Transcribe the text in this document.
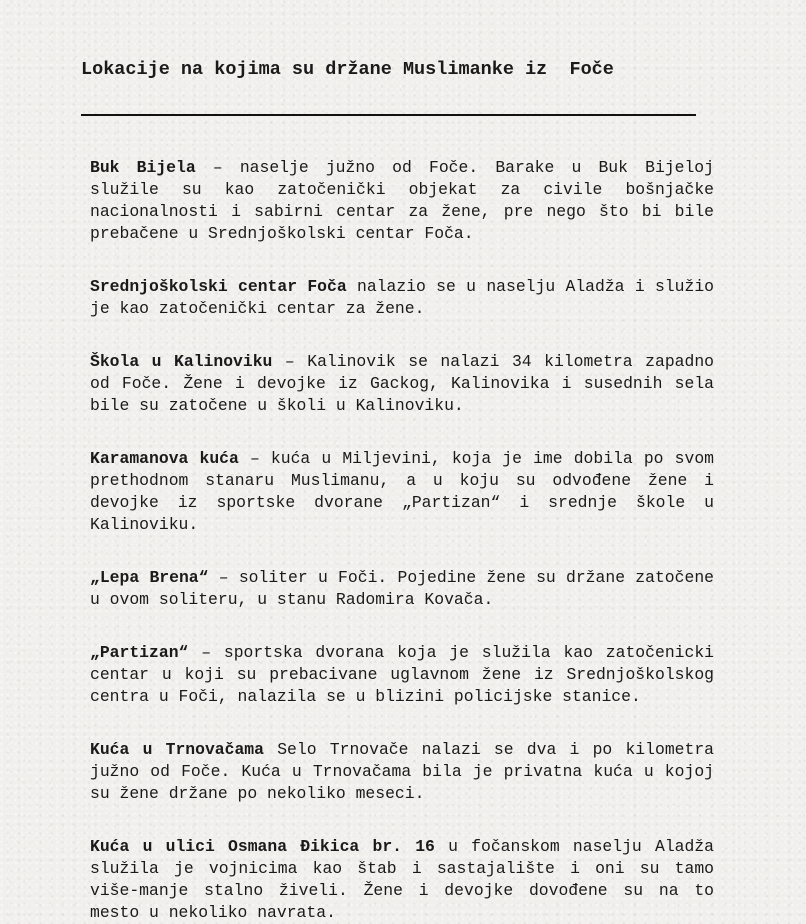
Lokacije na kojima su držane Muslimanke iz  Foče

Buk Bijela – naselje južno od Foče. Barake u Buk Bijeloj služile su kao zatočenički objekat za civile bošnjačke nacionalnosti i sabirni centar za žene, pre nego što bi bile prebačene u Srednjoškolski centar Foča.

Srednjoškolski centar Foča nalazio se u naselju Aladža i služio je kao zatočenički centar za žene.

Škola u Kalinoviku – Kalinovik se nalazi 34 kilometra zapadno od Foče. Žene i devojke iz Gackog, Kalinovika i susednih sela bile su zatočene u školi u Kalinoviku.

Karamanova kuća – kuća u Miljevini, koja je ime dobila po svom prethodnom stanaru Muslimanu, a u koju su odvođene žene i devojke iz sportske dvorane „Partizan“ i srednje škole u Kalinoviku.

„Lepa Brena“ – soliter u Foči. Pojedine žene su držane zatočene u ovom soliteru, u stanu Radomira Kovača.

„Partizan“ – sportska dvorana koja je služila kao zatočenicki centar u koji su prebacivane uglavnom žene iz Srednjoškolskog centra u Foči, nalazila se u blizini policijske stanice.

Kuća u Trnovačama Selo Trnovače nalazi se dva i po kilometra južno od Foče. Kuća u Trnovačama bila je privatna kuća u kojoj su žene držane po nekoliko meseci.

Kuća u ulici Osmana Đikica br. 16 u fočanskom naselju Aladža služila je vojnicima kao štab i sastajalište i oni su tamo više-manje stalno živeli. Žene i devojke dovođene su na to mesto u nekoliko navrata.
